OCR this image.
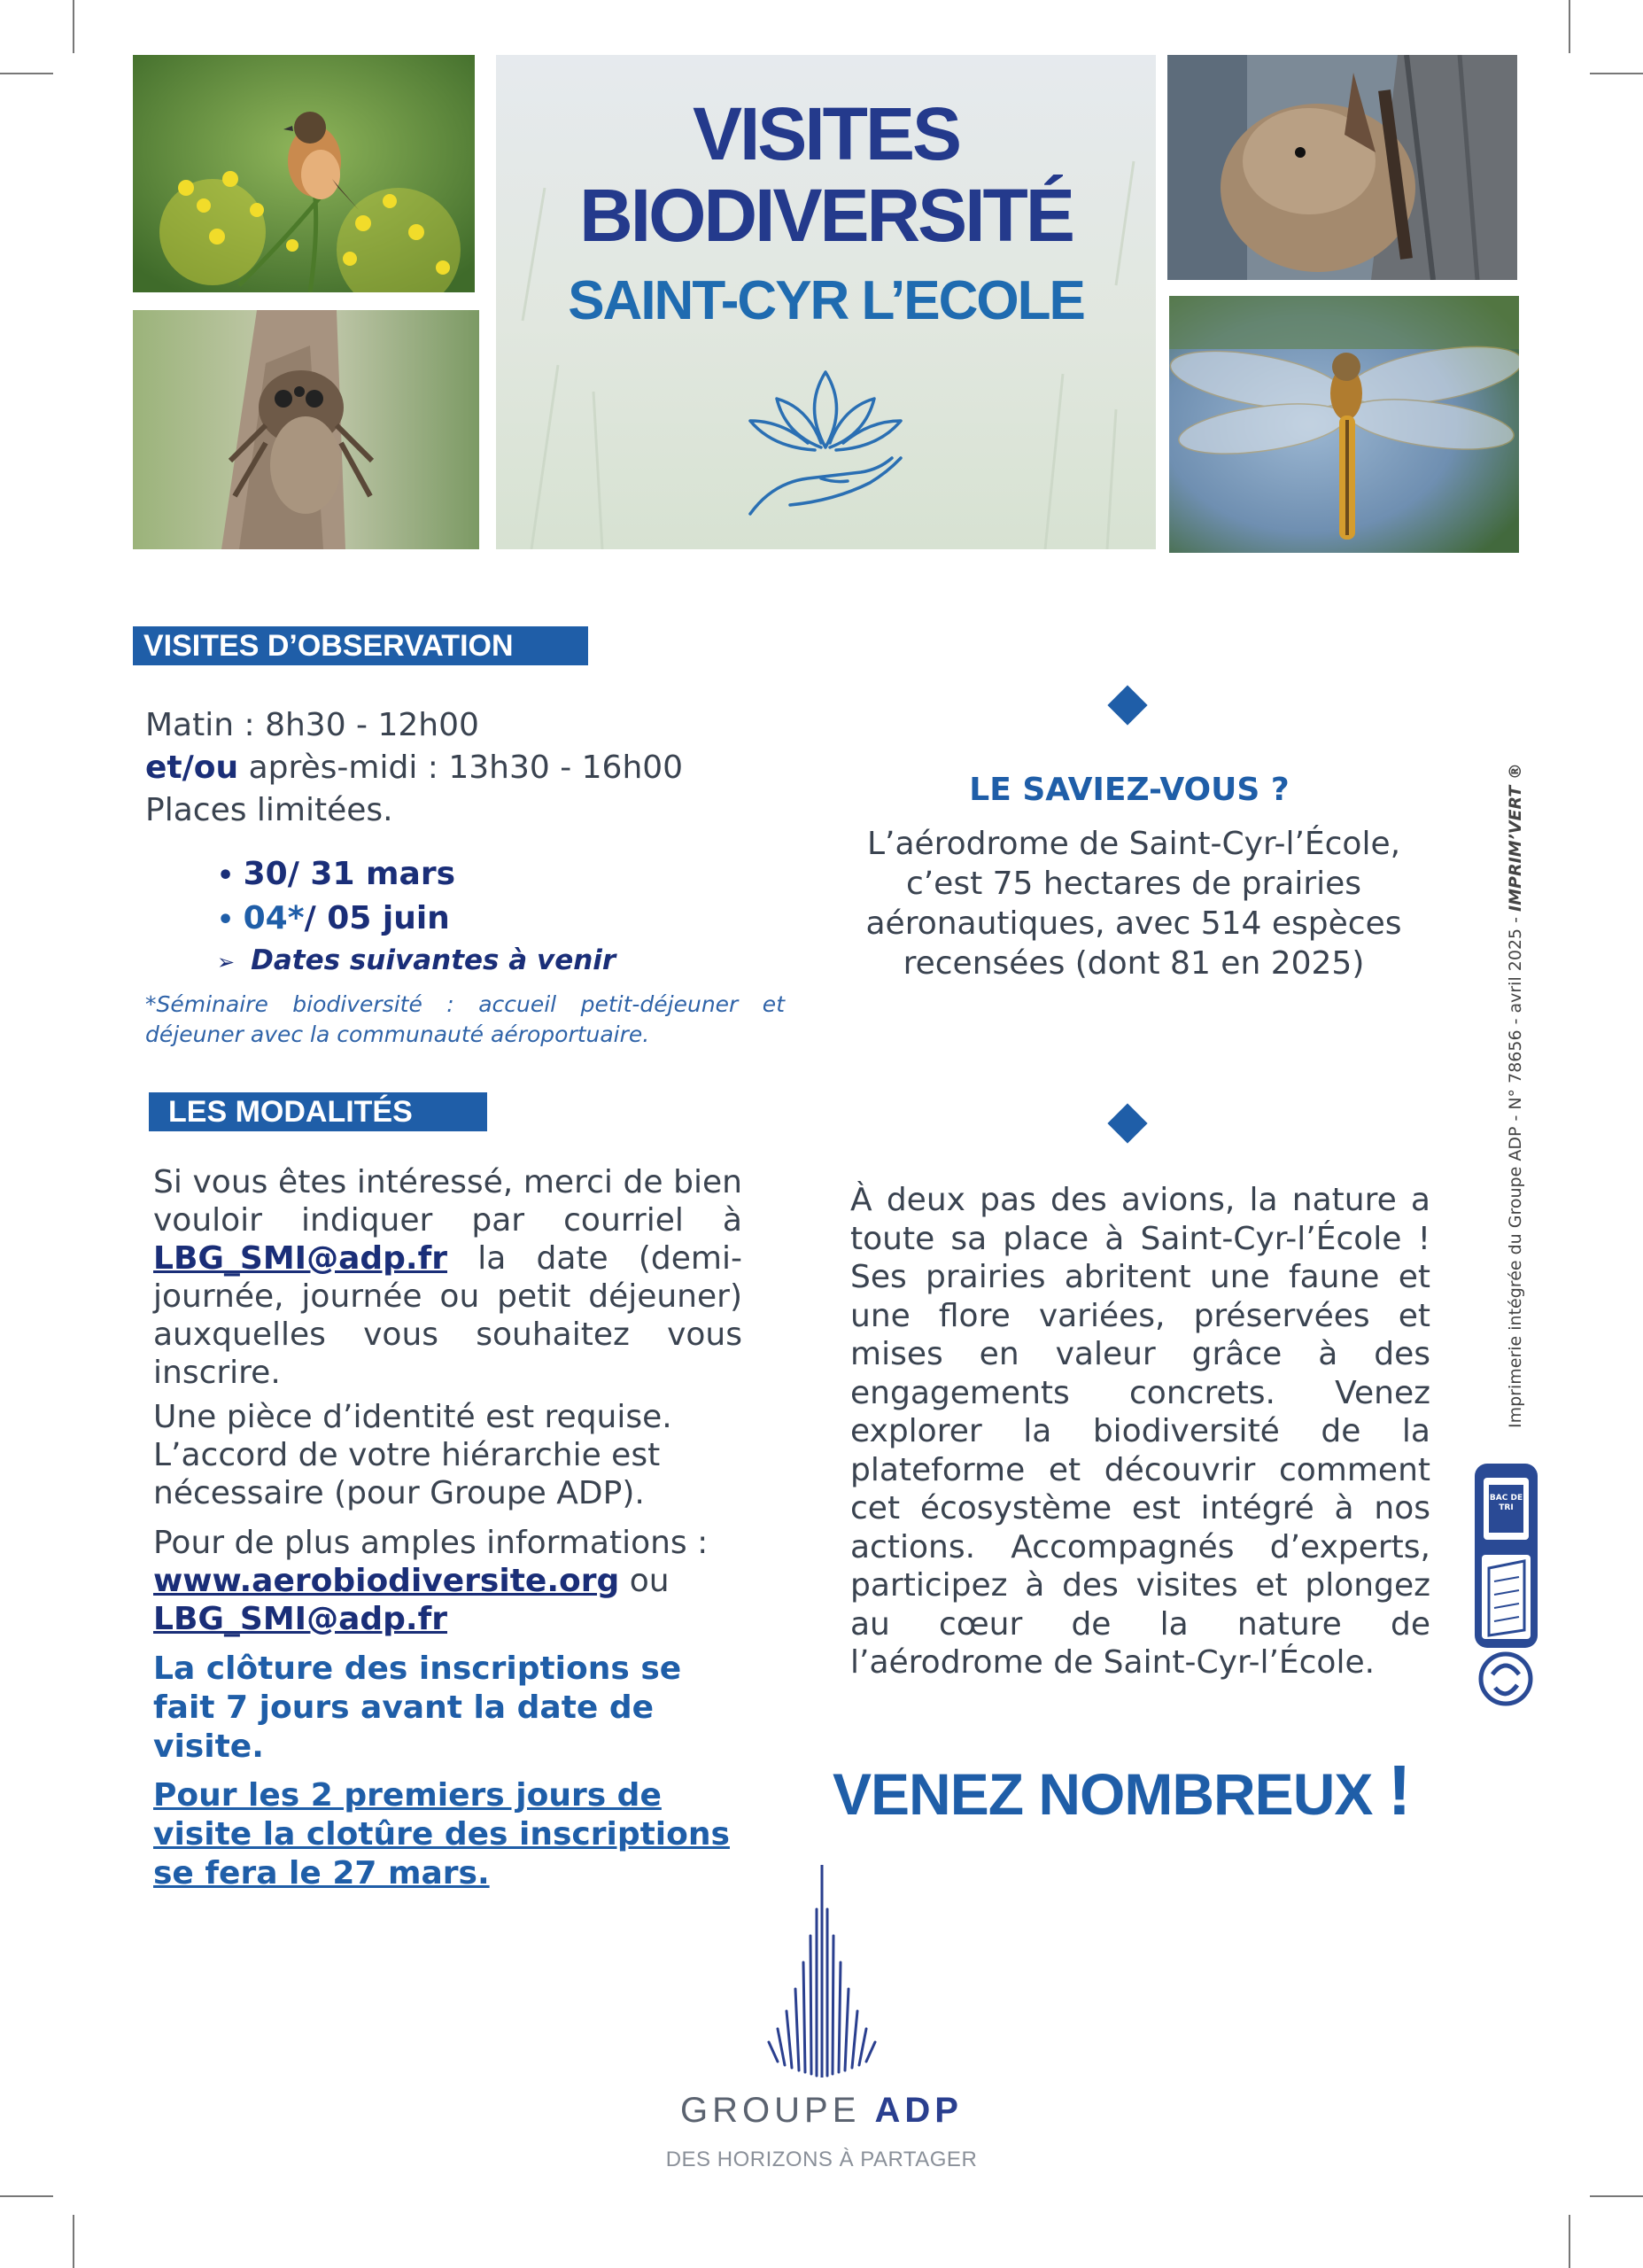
VISITES
BIODIVERSITÉ
SAINT-CYR L’ECOLE
VISITES D’OBSERVATION
Matin : 8h30 - 12h00
et/ou après-midi : 13h30 - 16h00
Places limitées.
• 30/ 31 mars
• 04*/ 05 juin
➢ Dates suivantes à venir
*Séminaire biodiversité : accueil petit-déjeuner et déjeuner avec la communauté aéroportuaire.
LES MODALITÉS
Si vous êtes intéressé, merci de bien vouloir indiquer par courriel à LBG_SMI@adp.fr la date (demi-journée, journée ou petit déjeuner) auxquelles vous souhaitez vous inscrire.
Une pièce d’identité est requise.
L’accord de votre hiérarchie est nécessaire (pour Groupe ADP).
Pour de plus amples informations :
www.aerobiodiversite.org ou
LBG_SMI@adp.fr
La clôture des inscriptions se fait 7 jours avant la date de visite.
Pour les 2 premiers jours de visite la clotûre des inscriptions se fera le 27 mars.
LE SAVIEZ-VOUS ?
L’aérodrome de Saint-Cyr-l’École, c’est 75 hectares de prairies aéronautiques, avec 514 espèces recensées (dont 81 en 2025)
À deux pas des avions, la nature a toute sa place à Saint-Cyr-l’École ! Ses prairies abritent une faune et une flore variées, préservées et mises en valeur grâce à des engagements concrets. Venez explorer la biodiversité de la plateforme et découvrir comment cet écosystème est intégré à nos actions. Accompagnés d’experts, participez à des visites et plongez au cœur de la nature de l’aérodrome de Saint-Cyr-l’École.
VENEZ NOMBREUX !
Imprimerie intégrée du Groupe ADP - N° 78656 - avril 2025 - IMPRIM’VERT ®
BAC DE TRI
GROUPE ADP
DES HORIZONS À PARTAGER
